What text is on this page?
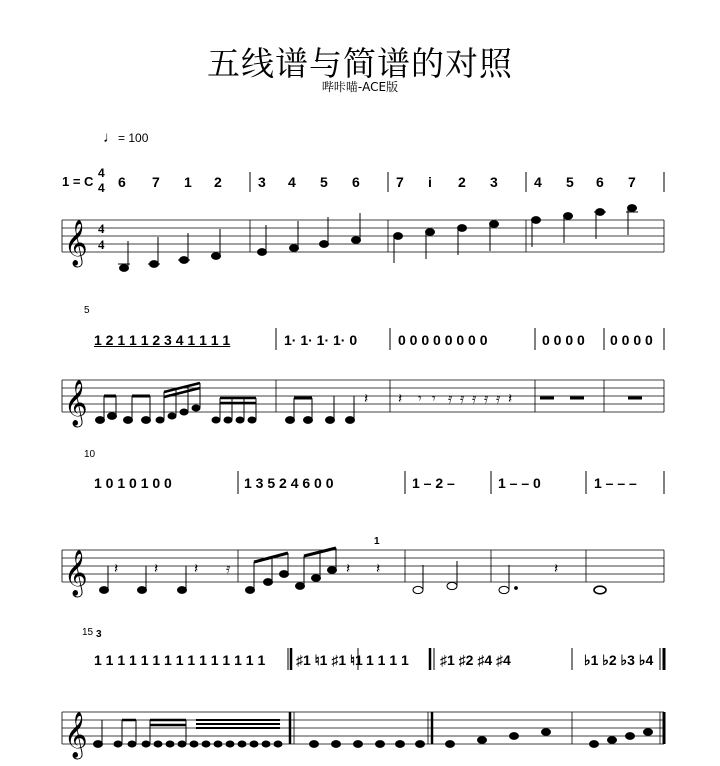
五线谱与简谱的对照
哔咔喵-ACE版
♩= 100
1 = C
4
4 6 7 1 2	3 4 5 6	7 i 2 3	4 5 6 7
5
10
15 3
1
1 2 1 1 1 2 3 4 1 1 1 1	1· 1· 1· 1· 0	0 0 0 0 0 0 0 0	0 0 0 0 0 0 0 0
1 0 1 0 1 0 0	1 3 5 2 4 6 0 0	1 – 2 –	1 – – 0	1 – – –
1 1 1 1 1 1 1 1 1 1 1 1 1 1 1 ♯1 ♮1 ♯1 ♮1 1 1 1 1 ♯1 ♯2 ♯4 ♯4	♭1 ♭2 ♭3 ♭4
𝄞
𝄞
𝄞
𝄞
4
4
𝄽 𝄽 𝄾 𝄾 𝄿 𝄿 𝄿 𝄿 𝄿 𝄽
𝄽	𝄽	𝄽 𝄿	𝄽 𝄽	𝄽
